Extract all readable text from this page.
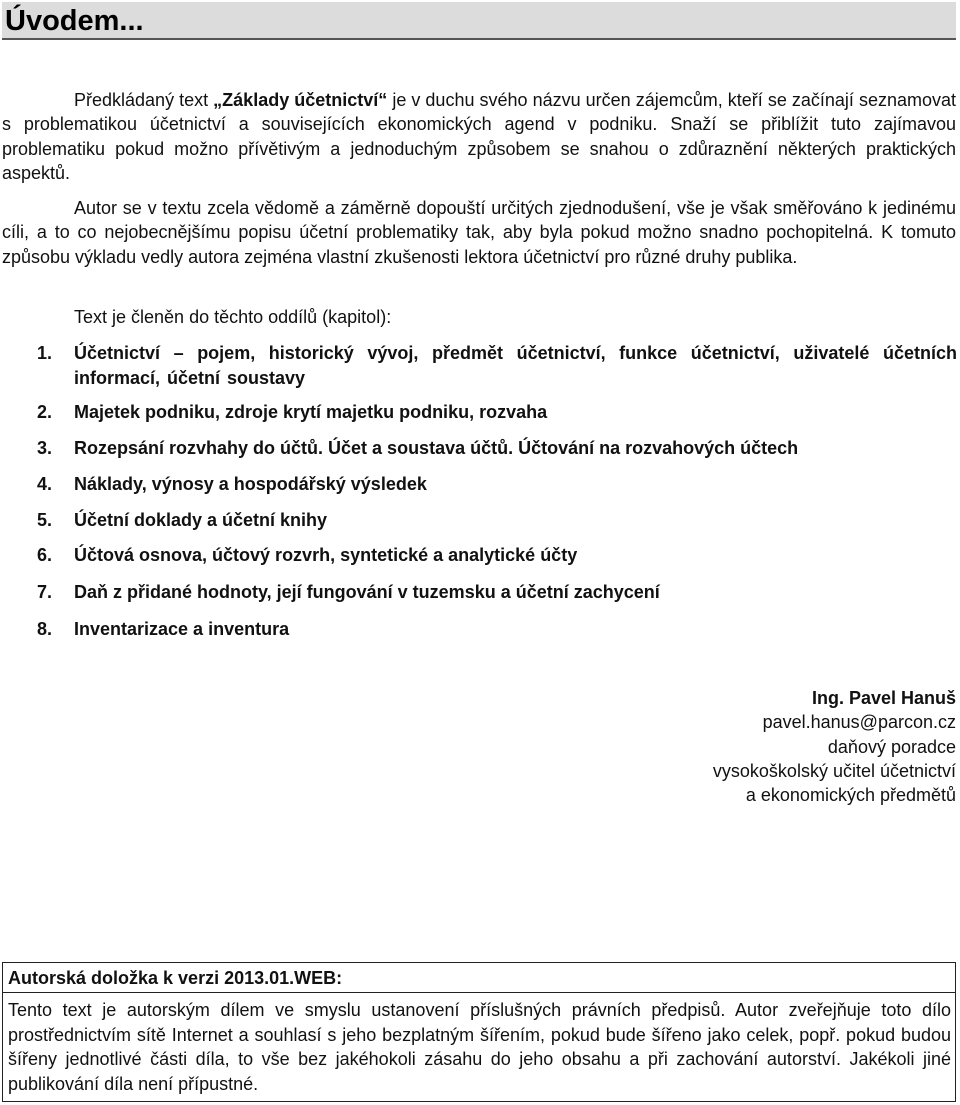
Úvodem...

Předkládaný text „Základy účetnictví“ je v duchu svého názvu určen zájemcům, kteří se začínají seznamovat s problematikou účetnictví a souvisejících ekonomických agend v podniku. Snaží se přiblížit tuto zajímavou problematiku pokud možno přívětivým a jednoduchým způsobem se snahou o zdůraznění některých praktických aspektů.

Autor se v textu zcela vědomě a záměrně dopouští určitých zjednodušení, vše je však směřováno k jedinému cíli, a to co nejobecnějšímu popisu účetní problematiky tak, aby byla pokud možno snadno pochopitelná. K tomuto způsobu výkladu vedly autora zejména vlastní zkušenosti lektora účetnictví pro různé druhy publika.

Text je členěn do těchto oddílů (kapitol):

1.	Účetnictví – pojem, historický vývoj, předmět účetnictví, funkce účetnictví, uživatelé účetních informací, účetní soustavy
2.	Majetek podniku, zdroje krytí majetku podniku, rozvaha
3.	Rozepsání rozvhahy do účtů. Účet a soustava účtů. Účtování na rozvahových účtech
4.	Náklady, výnosy a hospodářský výsledek
5.	Účetní doklady a účetní knihy
6.	Účtová osnova, účtový rozvrh, syntetické a analytické účty
7.	Daň z přidané hodnoty, její fungování v tuzemsku a účetní zachycení
8.	Inventarizace a inventura
Ing. Pavel Hanuš
pavel.hanus@parcon.cz
daňový poradce
vysokoškolský učitel účetnictví
a ekonomických předmětů
Autorská doložka k verzi 2013.01.WEB:

Tento text je autorským dílem ve smyslu ustanovení příslušných právních předpisů. Autor zveřejňuje toto dílo prostřednictvím sítě Internet a souhlasí s jeho bezplatným šířením, pokud bude šířeno jako celek, popř. pokud budou šířeny jednotlivé části díla, to vše bez jakéhokoli zásahu do jeho obsahu a při zachování autorství. Jakékoli jiné publikování díla není přípustné.
